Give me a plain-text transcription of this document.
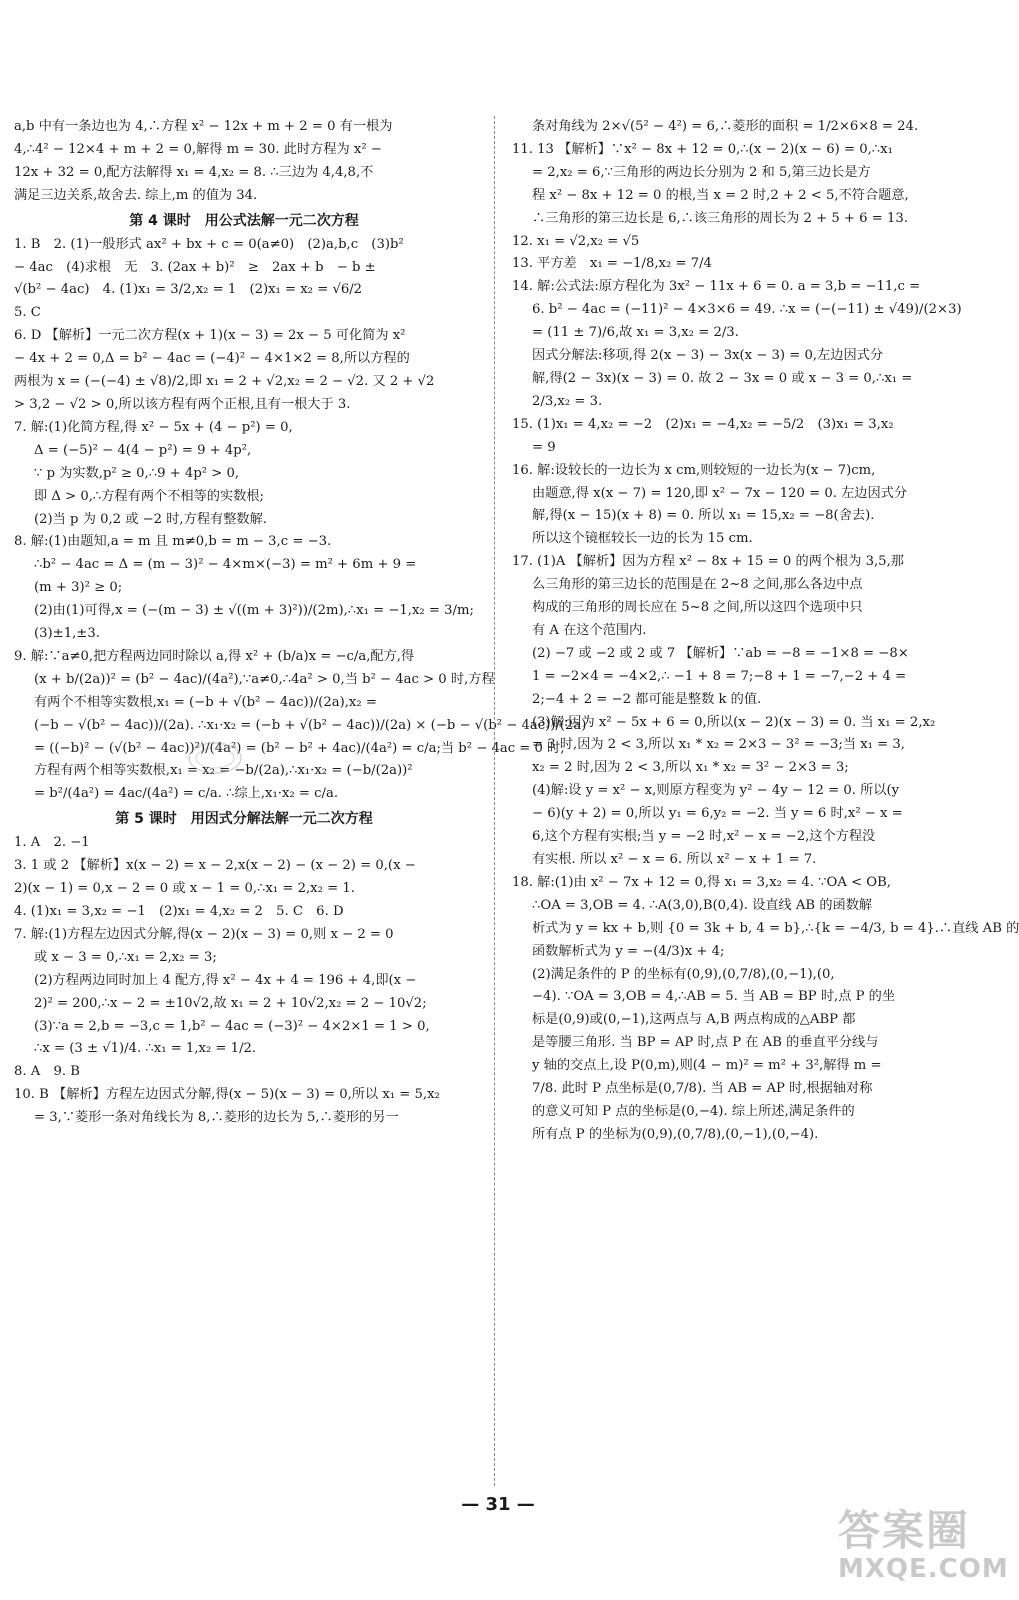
a,b 中有一条边也为 4,∴方程 x² − 12x + m + 2 = 0 有一根为
4,∴4² − 12×4 + m + 2 = 0,解得 m = 30. 此时方程为 x² −
12x + 32 = 0,配方法解得 x₁ = 4,x₂ = 8. ∴三边为 4,4,8,不
满足三边关系,故舍去. 综上,m 的值为 34.
第 4 课时　用公式法解一元二次方程
1. B　2. (1)一般形式 ax² + bx + c = 0(a≠0)　(2)a,b,c　(3)b²
− 4ac　(4)求根　无　3. (2ax + b)²　≥　2ax + b　− b ±
√(b² − 4ac)　4. (1)x₁ = 3/2,x₂ = 1　(2)x₁ = x₂ = √6/2
5. C
6. D 【解析】一元二次方程(x + 1)(x − 3) = 2x − 5 可化简为 x²
− 4x + 2 = 0,Δ = b² − 4ac = (−4)² − 4×1×2 = 8,所以方程的
两根为 x = (−(−4) ± √8)/2,即 x₁ = 2 + √2,x₂ = 2 − √2. 又 2 + √2
> 3,2 − √2 > 0,所以该方程有两个正根,且有一根大于 3.
7. 解:(1)化简方程,得 x² − 5x + (4 − p²) = 0,
Δ = (−5)² − 4(4 − p²) = 9 + 4p²,
∵ p 为实数,p² ≥ 0,∴9 + 4p² > 0,
即 Δ > 0,∴方程有两个不相等的实数根;
(2)当 p 为 0,2 或 −2 时,方程有整数解.
8. 解:(1)由题知,a = m 且 m≠0,b = m − 3,c = −3.
∴b² − 4ac = Δ = (m − 3)² − 4×m×(−3) = m² + 6m + 9 =
(m + 3)² ≥ 0;
(2)由(1)可得,x = (−(m − 3) ± √((m + 3)²))/(2m),∴x₁ = −1,x₂ = 3/m;
(3)±1,±3.
9. 解:∵a≠0,把方程两边同时除以 a,得 x² + (b/a)x = −c/a,配方,得
(x + b/(2a))² = (b² − 4ac)/(4a²),∵a≠0,∴4a² > 0,当 b² − 4ac > 0 时,方程
有两个不相等实数根,x₁ = (−b + √(b² − 4ac))/(2a),x₂ =
(−b − √(b² − 4ac))/(2a). ∴x₁·x₂ = (−b + √(b² − 4ac))/(2a) × (−b − √(b² − 4ac))/(2a)
= ((−b)² − (√(b² − 4ac))²)/(4a²) = (b² − b² + 4ac)/(4a²) = c/a;当 b² − 4ac = 0 时,
方程有两个相等实数根,x₁ = x₂ = −b/(2a),∴x₁·x₂ = (−b/(2a))²
= b²/(4a²) = 4ac/(4a²) = c/a. ∴综上,x₁·x₂ = c/a.
第 5 课时　用因式分解法解一元二次方程
1. A　2. −1
3. 1 或 2 【解析】x(x − 2) = x − 2,x(x − 2) − (x − 2) = 0,(x −
2)(x − 1) = 0,x − 2 = 0 或 x − 1 = 0,∴x₁ = 2,x₂ = 1.
4. (1)x₁ = 3,x₂ = −1　(2)x₁ = 4,x₂ = 2　5. C　6. D
7. 解:(1)方程左边因式分解,得(x − 2)(x − 3) = 0,则 x − 2 = 0
或 x − 3 = 0,∴x₁ = 2,x₂ = 3;
(2)方程两边同时加上 4 配方,得 x² − 4x + 4 = 196 + 4,即(x −
2)² = 200,∴x − 2 = ±10√2,故 x₁ = 2 + 10√2,x₂ = 2 − 10√2;
(3)∵a = 2,b = −3,c = 1,b² − 4ac = (−3)² − 4×2×1 = 1 > 0,
∴x = (3 ± √1)/4. ∴x₁ = 1,x₂ = 1/2.
8. A　9. B
10. B 【解析】方程左边因式分解,得(x − 5)(x − 3) = 0,所以 x₁ = 5,x₂
= 3,∵菱形一条对角线长为 8,∴菱形的边长为 5,∴菱形的另一
条对角线为 2×√(5² − 4²) = 6,∴菱形的面积 = 1/2×6×8 = 24.
11. 13 【解析】∵x² − 8x + 12 = 0,∴(x − 2)(x − 6) = 0,∴x₁
= 2,x₂ = 6,∵三角形的两边长分别为 2 和 5,第三边长是方
程 x² − 8x + 12 = 0 的根,当 x = 2 时,2 + 2 < 5,不符合题意,
∴三角形的第三边长是 6,∴该三角形的周长为 2 + 5 + 6 = 13.
12. x₁ = √2,x₂ = √5
13. 平方差　x₁ = −1/8,x₂ = 7/4
14. 解:公式法:原方程化为 3x² − 11x + 6 = 0. a = 3,b = −11,c =
6. b² − 4ac = (−11)² − 4×3×6 = 49. ∴x = (−(−11) ± √49)/(2×3)
= (11 ± 7)/6,故 x₁ = 3,x₂ = 2/3.
因式分解法:移项,得 2(x − 3) − 3x(x − 3) = 0,左边因式分
解,得(2 − 3x)(x − 3) = 0. 故 2 − 3x = 0 或 x − 3 = 0,∴x₁ =
2/3,x₂ = 3.
15. (1)x₁ = 4,x₂ = −2　(2)x₁ = −4,x₂ = −5/2　(3)x₁ = 3,x₂
= 9
16. 解:设较长的一边长为 x cm,则较短的一边长为(x − 7)cm,
由题意,得 x(x − 7) = 120,即 x² − 7x − 120 = 0. 左边因式分
解,得(x − 15)(x + 8) = 0. 所以 x₁ = 15,x₂ = −8(舍去).
所以这个镜框较长一边的长为 15 cm.
17. (1)A 【解析】因为方程 x² − 8x + 15 = 0 的两个根为 3,5,那
么三角形的第三边长的范围是在 2~8 之间,那么各边中点
构成的三角形的周长应在 5~8 之间,所以这四个选项中只
有 A 在这个范围内.
(2) −7 或 −2 或 2 或 7 【解析】∵ab = −8 = −1×8 = −8×
1 = −2×4 = −4×2,∴ −1 + 8 = 7;−8 + 1 = −7,−2 + 4 =
2;−4 + 2 = −2 都可能是整数 k 的值.
(3)解:因为 x² − 5x + 6 = 0,所以(x − 2)(x − 3) = 0. 当 x₁ = 2,x₂
= 3 时,因为 2 < 3,所以 x₁ * x₂ = 2×3 − 3² = −3;当 x₁ = 3,
x₂ = 2 时,因为 2 < 3,所以 x₁ * x₂ = 3² − 2×3 = 3;
(4)解:设 y = x² − x,则原方程变为 y² − 4y − 12 = 0. 所以(y
− 6)(y + 2) = 0,所以 y₁ = 6,y₂ = −2. 当 y = 6 时,x² − x =
6,这个方程有实根;当 y = −2 时,x² − x = −2,这个方程没
有实根. 所以 x² − x = 6. 所以 x² − x + 1 = 7.
18. 解:(1)由 x² − 7x + 12 = 0,得 x₁ = 3,x₂ = 4. ∵OA < OB,
∴OA = 3,OB = 4. ∴A(3,0),B(0,4). 设直线 AB 的函数解
析式为 y = kx + b,则 {0 = 3k + b, 4 = b},∴{k = −4/3, b = 4}.∴直线 AB 的
函数解析式为 y = −(4/3)x + 4;
(2)满足条件的 P 的坐标有(0,9),(0,7/8),(0,−1),(0,
−4). ∵OA = 3,OB = 4,∴AB = 5. 当 AB = BP 时,点 P 的坐
标是(0,9)或(0,−1),这两点与 A,B 两点构成的△ABP 都
是等腰三角形. 当 BP = AP 时,点 P 在 AB 的垂直平分线与
y 轴的交点上,设 P(0,m),则(4 − m)² = m² + 3²,解得 m =
7/8. 此时 P 点坐标是(0,7/8). 当 AB = AP 时,根据轴对称
的意义可知 P 点的坐标是(0,−4). 综上所述,满足条件的
所有点 P 的坐标为(0,9),(0,7/8),(0,−1),(0,−4).
— 31 —
答案圈
MXQE.COM
